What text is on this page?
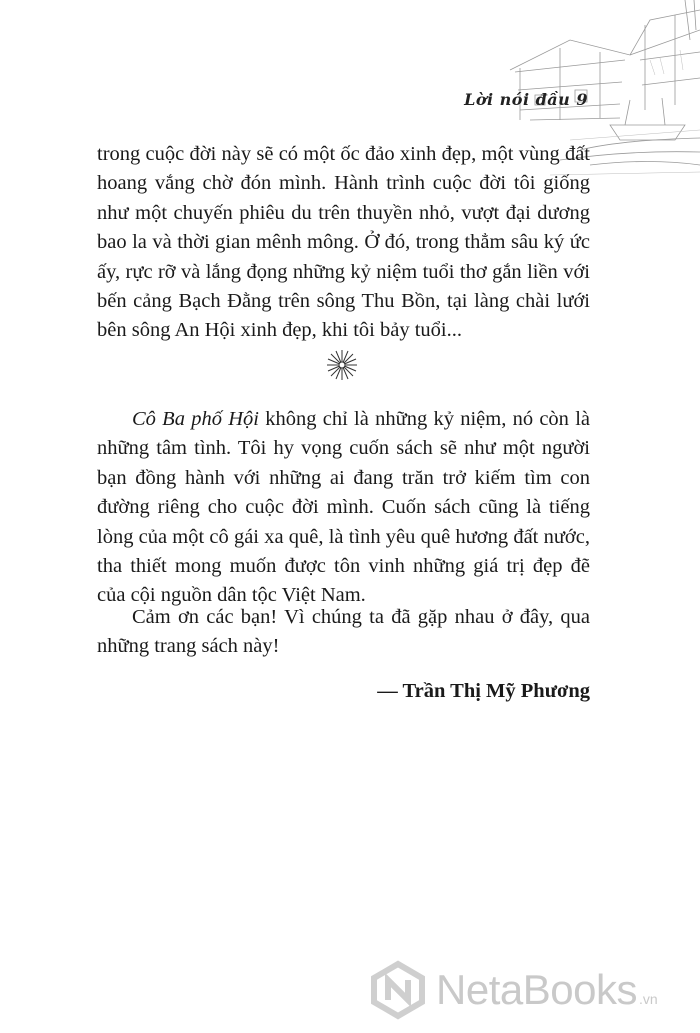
Lời nói đầu 9

trong cuộc đời này sẽ có một ốc đảo xinh đẹp, một vùng đất hoang vắng chờ đón mình. Hành trình cuộc đời tôi giống như một chuyến phiêu du trên thuyền nhỏ, vượt đại dương bao la và thời gian mênh mông. Ở đó, trong thẳm sâu ký ức ấy, rực rỡ và lắng đọng những kỷ niệm tuổi thơ gắn liền với bến cảng Bạch Đằng trên sông Thu Bồn, tại làng chài lưới bên sông An Hội xinh đẹp, khi tôi bảy tuổi...

Cô Ba phố Hội không chỉ là những kỷ niệm, nó còn là những tâm tình. Tôi hy vọng cuốn sách sẽ như một người bạn đồng hành với những ai đang trăn trở kiếm tìm con đường riêng cho cuộc đời mình. Cuốn sách cũng là tiếng lòng của một cô gái xa quê, là tình yêu quê hương đất nước, tha thiết mong muốn được tôn vinh những giá trị đẹp đẽ của cội nguồn dân tộc Việt Nam.

Cảm ơn các bạn! Vì chúng ta đã gặp nhau ở đây, qua những trang sách này!

— Trần Thị Mỹ Phương
NetaBooks .vn
